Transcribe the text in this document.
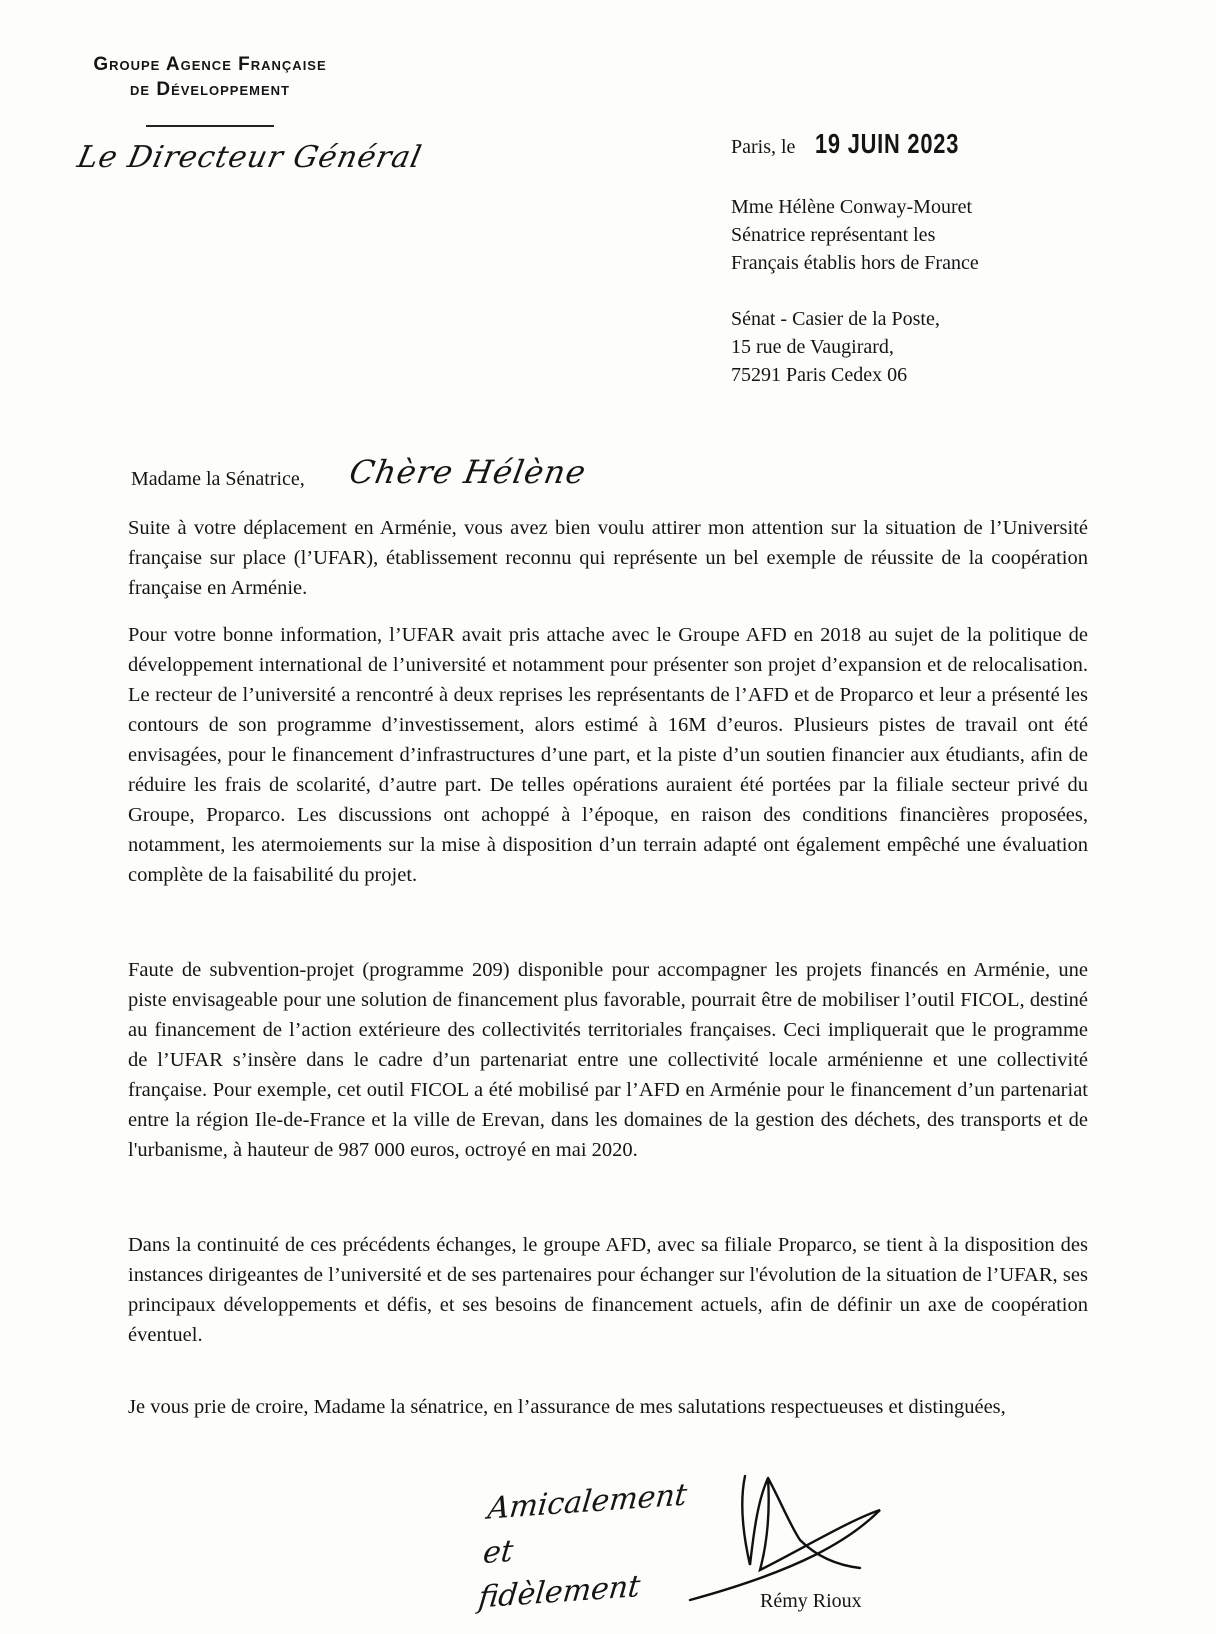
Groupe Agence Française
de Développement
Le Directeur Général	Paris, le 19 JUIN 2023
Mme Hélène Conway-Mouret
Sénatrice représentant les
Français établis hors de France
Sénat - Casier de la Poste,
15 rue de Vaugirard,
75291 Paris Cedex 06
Madame la Sénatrice, Chère Hélène

Suite à votre déplacement en Arménie, vous avez bien voulu attirer mon attention sur la situation de l’Université française sur place (l’UFAR), établissement reconnu qui représente un bel exemple de réussite de la coopération française en Arménie.

Pour votre bonne information, l’UFAR avait pris attache avec le Groupe AFD en 2018 au sujet de la politique de développement international de l’université et notamment pour présenter son projet d’expansion et de relocalisation. Le recteur de l’université a rencontré à deux reprises les représentants de l’AFD et de Proparco et leur a présenté les contours de son programme d’investissement, alors estimé à 16M d’euros. Plusieurs pistes de travail ont été envisagées, pour le financement d’infrastructures d’une part, et la piste d’un soutien financier aux étudiants, afin de réduire les frais de scolarité, d’autre part. De telles opérations auraient été portées par la filiale secteur privé du Groupe, Proparco. Les discussions ont achoppé à l’époque, en raison des conditions financières proposées, notamment, les atermoiements sur la mise à disposition d’un terrain adapté ont également empêché une évaluation complète de la faisabilité du projet.

Faute de subvention-projet (programme 209) disponible pour accompagner les projets financés en Arménie, une piste envisageable pour une solution de financement plus favorable, pourrait être de mobiliser l’outil FICOL, destiné au financement de l’action extérieure des collectivités territoriales françaises. Ceci impliquerait que le programme de l’UFAR s’insère dans le cadre d’un partenariat entre une collectivité locale arménienne et une collectivité française. Pour exemple, cet outil FICOL a été mobilisé par l’AFD en Arménie pour le financement d’un partenariat entre la région Ile-de-France et la ville de Erevan, dans les domaines de la gestion des déchets, des transports et de l'urbanisme, à hauteur de 987 000 euros, octroyé en mai 2020.

Dans la continuité de ces précédents échanges, le groupe AFD, avec sa filiale Proparco, se tient à la disposition des instances dirigeantes de l’université et de ses partenaires pour échanger sur l'évolution de la situation de l’UFAR, ses principaux développements et défis, et ses besoins de financement actuels, afin de définir un axe de coopération éventuel.

Je vous prie de croire, Madame la sénatrice, en l’assurance de mes salutations respectueuses et distinguées,

Amicalement
et fidèlement	Rémy Rioux
